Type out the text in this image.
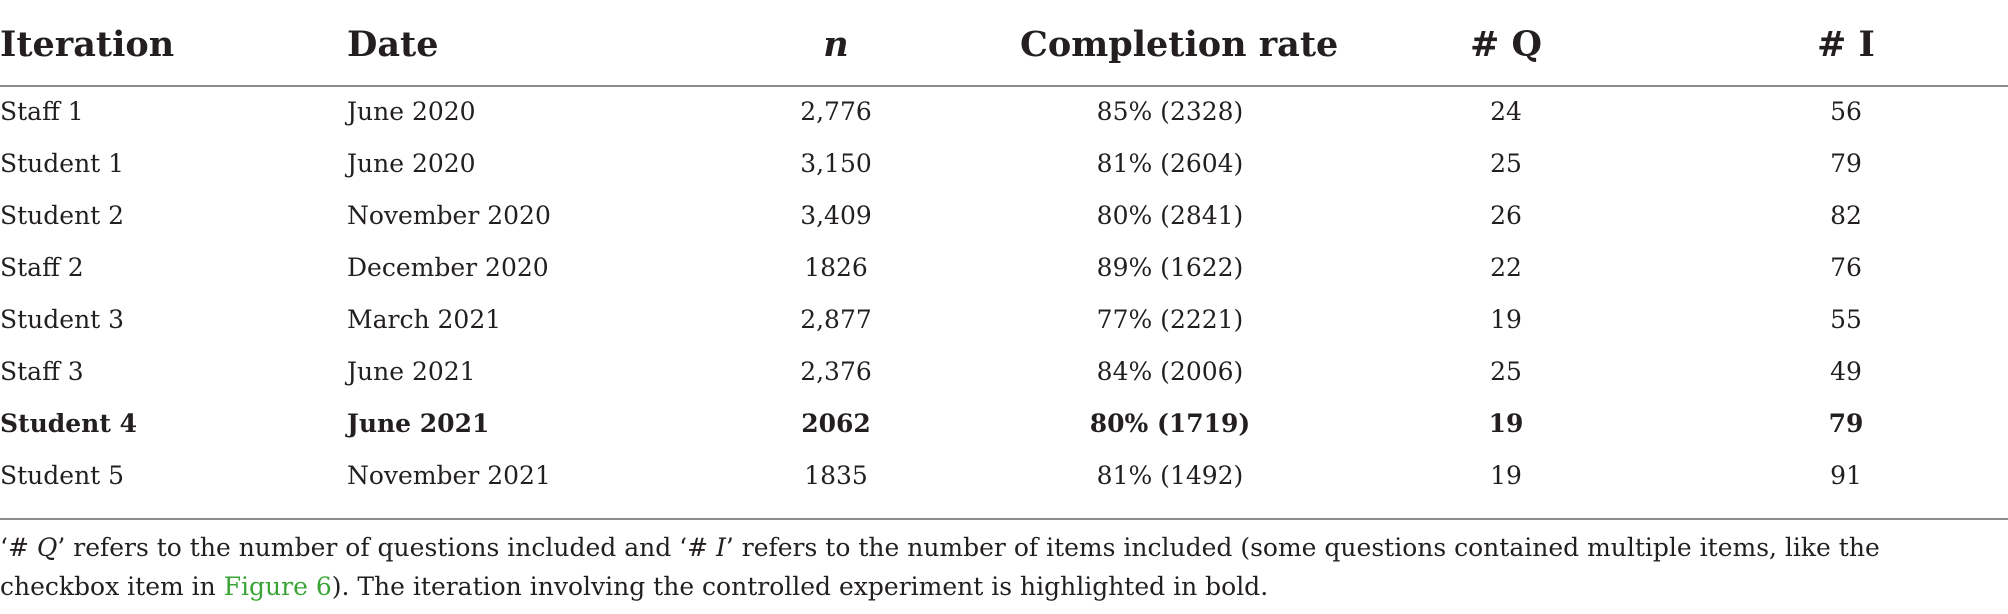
Iteration	Date	n	Completion rate	# Q	# I
Staff 1	June 2020	2,776	85% (2328)	24	56
Student 1	June 2020	3,150	81% (2604)	25	79
Student 2	November 2020	3,409	80% (2841)	26	82
Staff 2	December 2020	1826	89% (1622)	22	76
Student 3	March 2021	2,877	77% (2221)	19	55
Staff 3	June 2021	2,376	84% (2006)	25	49
Student 4	June 2021	2062	80% (1719)	19	79
Student 5	November 2021	1835	81% (1492)	19	91
‘# Q’ refers to the number of questions included and ‘# I’ refers to the number of items included (some questions contained multiple items, like the checkbox item in Figure 6). The iteration involving the controlled experiment is highlighted in bold.
